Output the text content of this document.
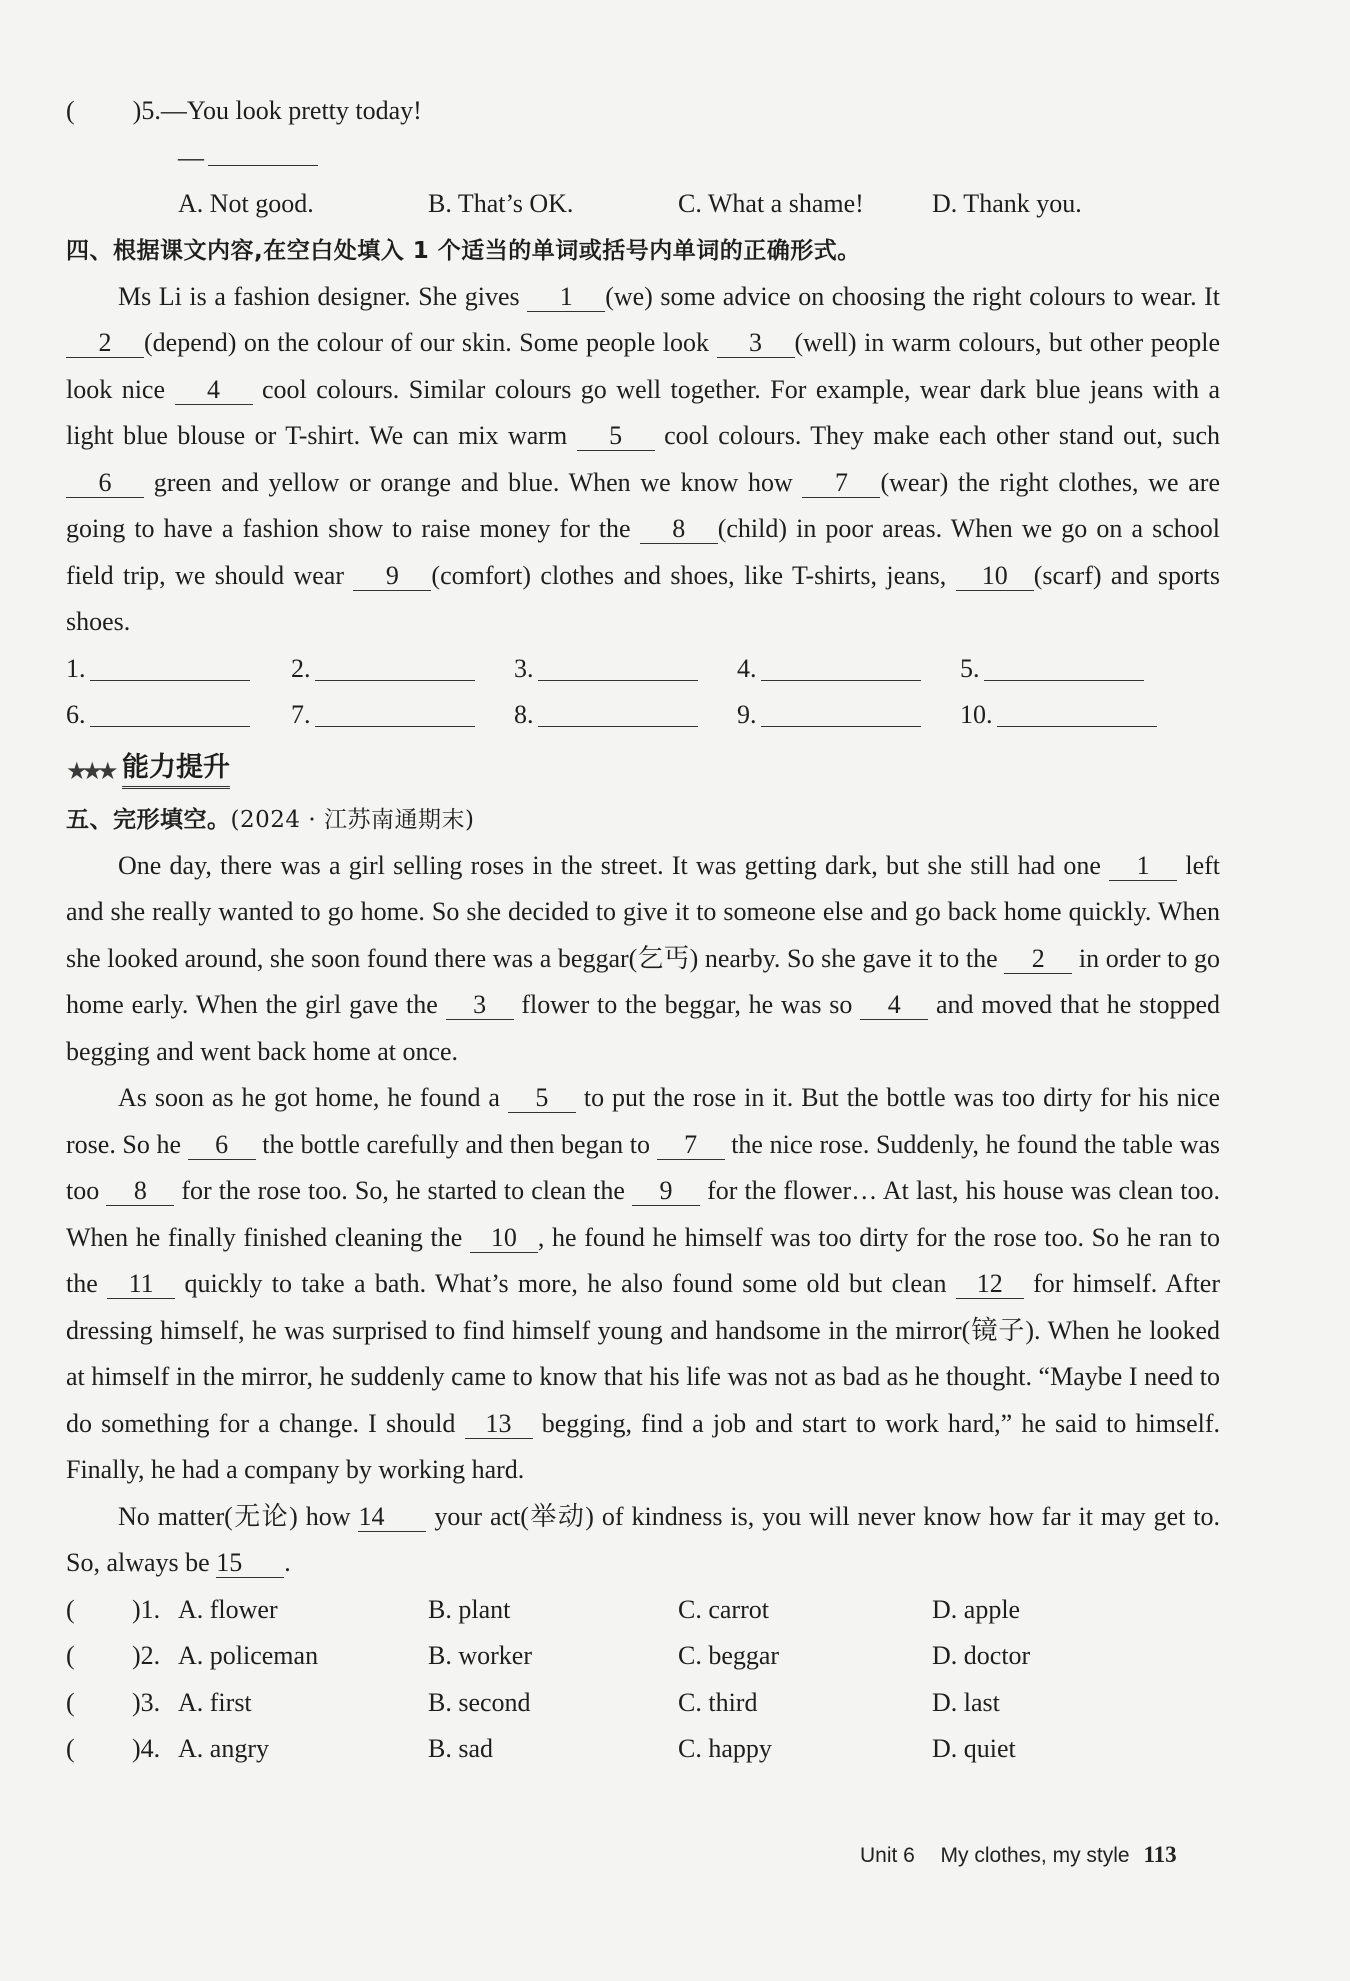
( )5.—You look pretty today!
—
A. Not good.	B. That’s OK.	C. What a shame!	D. Thank you.
四、根据课文内容,在空白处填入 1 个适当的单词或括号内单词的正确形式。

Ms Li is a fashion designer. She gives 1 (we) some advice on choosing the right colours to wear. It 2 (depend) on the colour of our skin. Some people look 3 (well) in warm colours, but other people look nice 4 cool colours. Similar colours go well together. For example, wear dark blue jeans with a light blue blouse or T-shirt. We can mix warm 5 cool colours. They make each other stand out, such 6 green and yellow or orange and blue. When we know how 7 (wear) the right clothes, we are going to have a fashion show to raise money for the 8 (child) in poor areas. When we go on a school field trip, we should wear 9 (comfort) clothes and shoes, like T-shirts, jeans, 10 (scarf) and sports shoes.

1.	2.	3.	4.	5.
6.	7.	8.	9.	10.
★★★ 能力提升
五、完形填空。(2024 · 江苏南通期末)

One day, there was a girl selling roses in the street. It was getting dark, but she still had one 1 left and she really wanted to go home. So she decided to give it to someone else and go back home quickly. When she looked around, she soon found there was a beggar(乞丐) nearby. So she gave it to the 2 in order to go home early. When the girl gave the 3 flower to the beggar, he was so 4 and moved that he stopped begging and went back home at once.

As soon as he got home, he found a 5 to put the rose in it. But the bottle was too dirty for his nice rose. So he 6 the bottle carefully and then began to 7 the nice rose. Suddenly, he found the table was too 8 for the rose too. So, he started to clean the 9 for the flower… At last, his house was clean too. When he finally finished cleaning the 10 , he found he himself was too dirty for the rose too. So he ran to the 11 quickly to take a bath. What’s more, he also found some old but clean 12 for himself. After dressing himself, he was surprised to find himself young and handsome in the mirror(镜子). When he looked at himself in the mirror, he suddenly came to know that his life was not as bad as he thought. “Maybe I need to do something for a change. I should 13 begging, find a job and start to work hard,” he said to himself. Finally, he had a company by working hard.

No matter(无论) how 14 your act(举动) of kindness is, you will never know how far it may get to. So, always be 15 .

( )1. A. flower	B. plant	C. carrot	D. apple
( )2. A. policeman	B. worker	C. beggar	D. doctor
( )3. A. first	B. second	C. third	D. last
( )4. A. angry	B. sad	C. happy	D. quiet
Unit 6 My clothes, my style 113
